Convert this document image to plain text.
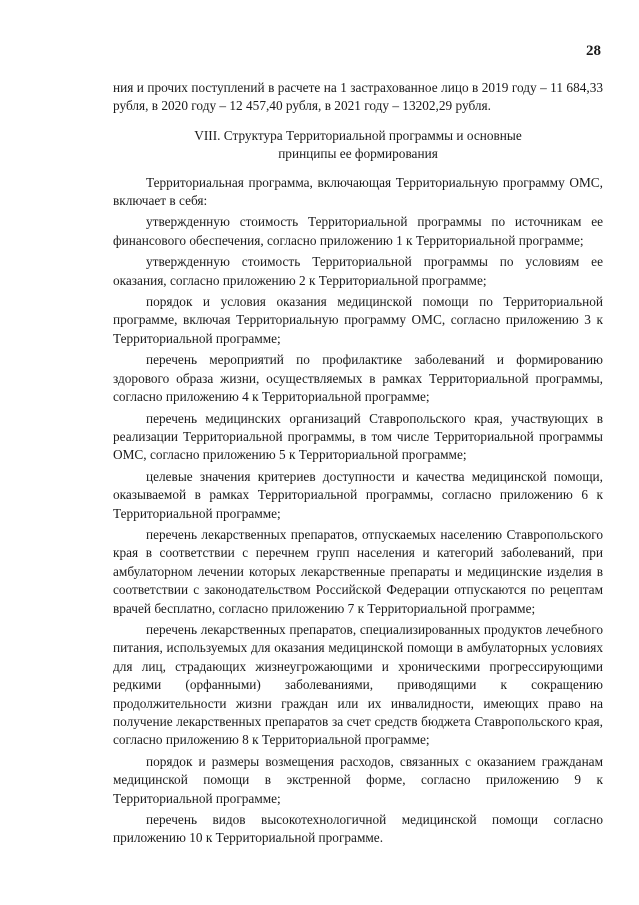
28

ния и прочих поступлений в расчете на 1 застрахованное лицо в 2019 году – 11 684,33 рубля, в 2020 году – 12 457,40 рубля, в 2021 году – 13202,29 рубля.

VIII. Структура Территориальной программы и основные
принципы ее формирования

Территориальная программа, включающая Территориальную программу ОМС, включает в себя:

утвержденную стоимость Территориальной программы по источникам ее финансового обеспечения, согласно приложению 1 к Территориальной программе;

утвержденную стоимость Территориальной программы по условиям ее оказания, согласно приложению 2 к Территориальной программе;

порядок и условия оказания медицинской помощи по Территориальной программе, включая Территориальную программу ОМС, согласно приложению 3 к Территориальной программе;

перечень мероприятий по профилактике заболеваний и формированию здорового образа жизни, осуществляемых в рамках Территориальной программы, согласно приложению 4 к Территориальной программе;

перечень медицинских организаций Ставропольского края, участвующих в реализации Территориальной программы, в том числе Территориальной программы ОМС, согласно приложению 5 к Территориальной программе;

целевые значения критериев доступности и качества медицинской помощи, оказываемой в рамках Территориальной программы, согласно приложению 6 к Территориальной программе;

перечень лекарственных препаратов, отпускаемых населению Ставропольского края в соответствии с перечнем групп населения и категорий заболеваний, при амбулаторном лечении которых лекарственные препараты и медицинские изделия в соответствии с законодательством Российской Федерации отпускаются по рецептам врачей бесплатно, согласно приложению 7 к Территориальной программе;

перечень лекарственных препаратов, специализированных продуктов лечебного питания, используемых для оказания медицинской помощи в амбулаторных условиях для лиц, страдающих жизнеугрожающими и хроническими прогрессирующими редкими (орфанными) заболеваниями, приводящими к сокращению продолжительности жизни граждан или их инвалидности, имеющих право на получение лекарственных препаратов за счет средств бюджета Ставропольского края, согласно приложению 8 к Территориальной программе;

порядок и размеры возмещения расходов, связанных с оказанием гражданам медицинской помощи в экстренной форме, согласно приложению 9 к Территориальной программе;

перечень видов высокотехнологичной медицинской помощи согласно приложению 10 к Территориальной программе.
